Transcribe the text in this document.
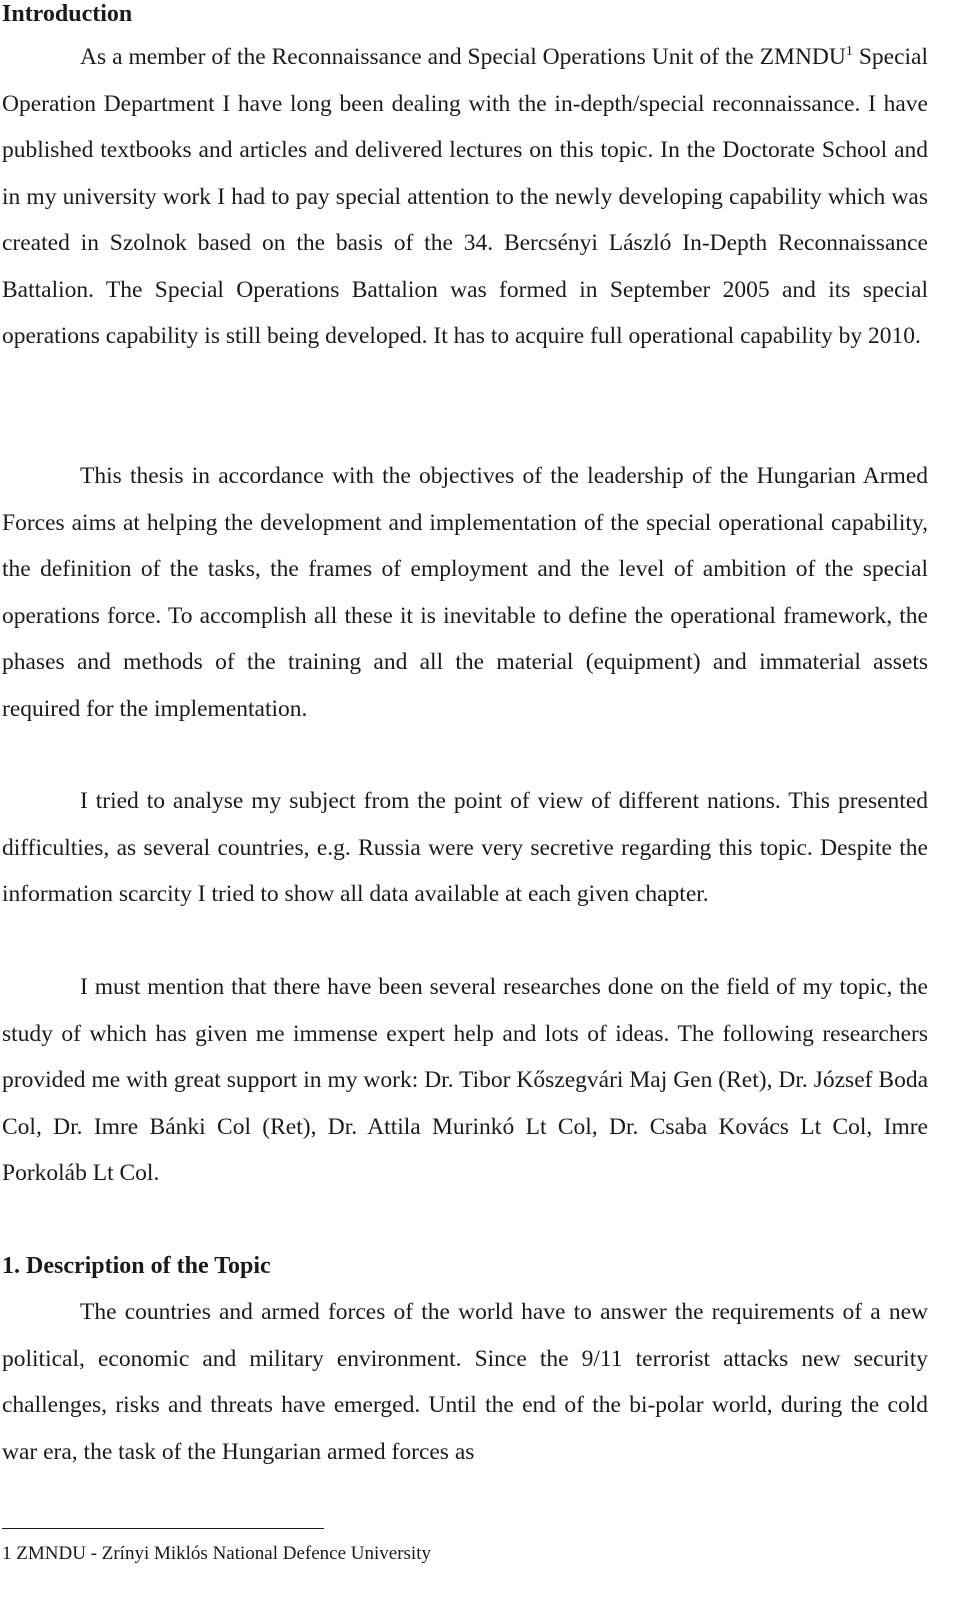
Introduction

As a member of the Reconnaissance and Special Operations Unit of the ZMNDU$^1$ Special Operation Department I have long been dealing with the in-depth/special reconnaissance. I have published textbooks and articles and delivered lectures on this topic. In the Doctorate School and in my university work I had to pay special attention to the newly developing capability which was created in Szolnok based on the basis of the 34. Bercsényi László In-Depth Reconnaissance Battalion. The Special Operations Battalion was formed in September 2005 and its special operations capability is still being developed. It has to acquire full operational capability by 2010.

This thesis in accordance with the objectives of the leadership of the Hungarian Armed Forces aims at helping the development and implementation of the special operational capability, the definition of the tasks, the frames of employment and the level of ambition of the special operations force. To accomplish all these it is inevitable to define the operational framework, the phases and methods of the training and all the material (equipment) and immaterial assets required for the implementation.

I tried to analyse my subject from the point of view of different nations. This presented difficulties, as several countries, e.g. Russia were very secretive regarding this topic. Despite the information scarcity I tried to show all data available at each given chapter.

I must mention that there have been several researches done on the field of my topic, the study of which has given me immense expert help and lots of ideas. The following researchers provided me with great support in my work: Dr. Tibor Kőszegvári Maj Gen (Ret), Dr. József Boda Col, Dr. Imre Bánki Col (Ret), Dr. Attila Murinkó Lt Col, Dr. Csaba Kovács Lt Col, Imre Porkoláb Lt Col.

1. Description of the Topic

The countries and armed forces of the world have to answer the requirements of a new political, economic and military environment. Since the 9/11 terrorist attacks new security challenges, risks and threats have emerged. Until the end of the bi-polar world, during the cold war era, the task of the Hungarian armed forces as

1 ZMNDU - Zrínyi Miklós National Defence University
